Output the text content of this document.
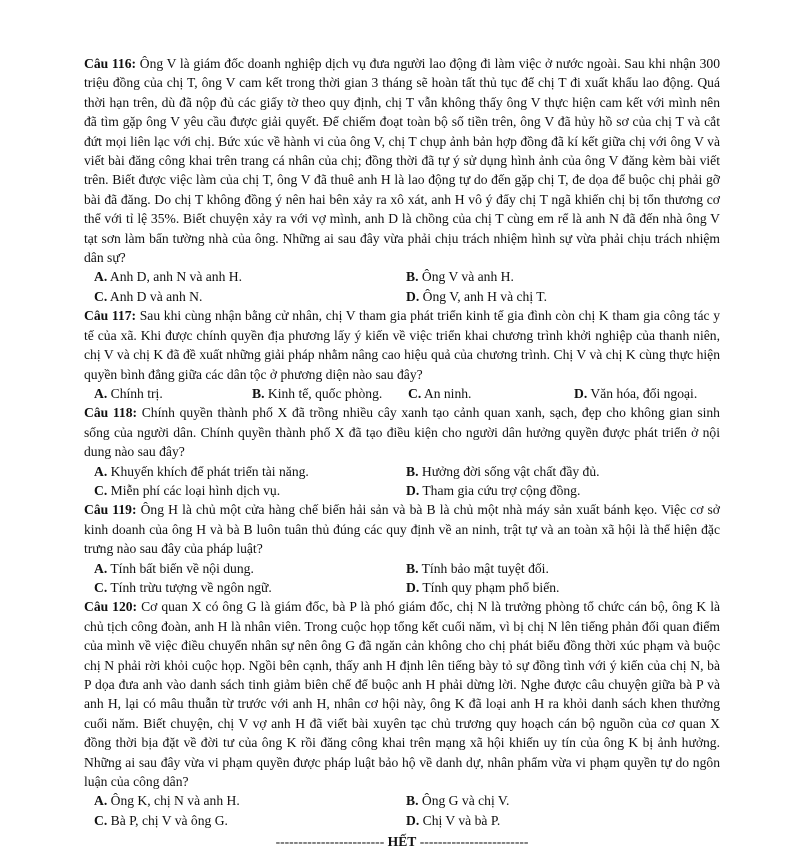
Câu 116: Ông V là giám đốc doanh nghiệp dịch vụ đưa người lao động đi làm việc ở nước ngoài. Sau khi nhận 300 triệu đồng của chị T, ông V cam kết trong thời gian 3 tháng sẽ hoàn tất thủ tục để chị T đi xuất khẩu lao động. Quá thời hạn trên, dù đã nộp đủ các giấy tờ theo quy định, chị T vẫn không thấy ông V thực hiện cam kết với mình nên đã tìm gặp ông V yêu cầu được giải quyết. Để chiếm đoạt toàn bộ số tiền trên, ông V đã hủy hồ sơ của chị T và cắt đứt mọi liên lạc với chị. Bức xúc về hành vi của ông V, chị T chụp ảnh bản hợp đồng đã kí kết giữa chị với ông V và viết bài đăng công khai trên trang cá nhân của chị; đồng thời đã tự ý sử dụng hình ảnh của ông V đăng kèm bài viết trên. Biết được việc làm của chị T, ông V đã thuê anh H là lao động tự do đến gặp chị T, đe dọa để buộc chị phải gỡ bài đã đăng. Do chị T không đồng ý nên hai bên xảy ra xô xát, anh H vô ý đẩy chị T ngã khiến chị bị tổn thương cơ thể với tỉ lệ 35%. Biết chuyện xảy ra với vợ mình, anh D là chồng của chị T cùng em rể là anh N đã đến nhà ông V tạt sơn làm bẩn tường nhà của ông. Những ai sau đây vừa phải chịu trách nhiệm hình sự vừa phải chịu trách nhiệm dân sự?

A. Anh D, anh N và anh H.	B. Ông V và anh H.
C. Anh D và anh N.	D. Ông V, anh H và chị T.

Câu 117: Sau khi cùng nhận bằng cử nhân, chị V tham gia phát triển kinh tế gia đình còn chị K tham gia công tác y tế của xã. Khi được chính quyền địa phương lấy ý kiến về việc triển khai chương trình khởi nghiệp của thanh niên, chị V và chị K đã đề xuất những giải pháp nhằm nâng cao hiệu quả của chương trình. Chị V và chị K cùng thực hiện quyền bình đẳng giữa các dân tộc ở phương diện nào sau đây?

A. Chính trị.	B. Kinh tế, quốc phòng.	C. An ninh.	D. Văn hóa, đối ngoại.

Câu 118: Chính quyền thành phố X đã trồng nhiều cây xanh tạo cảnh quan xanh, sạch, đẹp cho không gian sinh sống của người dân. Chính quyền thành phố X đã tạo điều kiện cho người dân hưởng quyền được phát triển ở nội dung nào sau đây?

A. Khuyến khích để phát triển tài năng.	B. Hưởng đời sống vật chất đầy đủ.
C. Miễn phí các loại hình dịch vụ.	D. Tham gia cứu trợ cộng đồng.

Câu 119: Ông H là chủ một cửa hàng chế biến hải sản và bà B là chủ một nhà máy sản xuất bánh kẹo. Việc cơ sở kinh doanh của ông H và bà B luôn tuân thủ đúng các quy định về an ninh, trật tự và an toàn xã hội là thể hiện đặc trưng nào sau đây của pháp luật?

A. Tính bất biến về nội dung.	B. Tính bảo mật tuyệt đối.
C. Tính trừu tượng về ngôn ngữ.	D. Tính quy phạm phổ biến.

Câu 120: Cơ quan X có ông G là giám đốc, bà P là phó giám đốc, chị N là trưởng phòng tổ chức cán bộ, ông K là chủ tịch công đoàn, anh H là nhân viên. Trong cuộc họp tổng kết cuối năm, vì bị chị N lên tiếng phản đối quan điểm của mình về việc điều chuyển nhân sự nên ông G đã ngăn cản không cho chị phát biểu đồng thời xúc phạm và buộc chị N phải rời khỏi cuộc họp. Ngồi bên cạnh, thấy anh H định lên tiếng bày tỏ sự đồng tình với ý kiến của chị N, bà P dọa đưa anh vào danh sách tinh giảm biên chế để buộc anh H phải dừng lời. Nghe được câu chuyện giữa bà P và anh H, lại có mâu thuẫn từ trước với anh H, nhân cơ hội này, ông K đã loại anh H ra khỏi danh sách khen thưởng cuối năm. Biết chuyện, chị V vợ anh H đã viết bài xuyên tạc chủ trương quy hoạch cán bộ nguồn của cơ quan X đồng thời bịa đặt về đời tư của ông K rồi đăng công khai trên mạng xã hội khiến uy tín của ông K bị ảnh hưởng. Những ai sau đây vừa vi phạm quyền được pháp luật bảo hộ về danh dự, nhân phẩm vừa vi phạm quyền tự do ngôn luận của công dân?

A. Ông K, chị N và anh H.	B. Ông G và chị V.
C. Bà P, chị V và ông G.	D. Chị V và bà P.
------------------------ HẾT ------------------------
